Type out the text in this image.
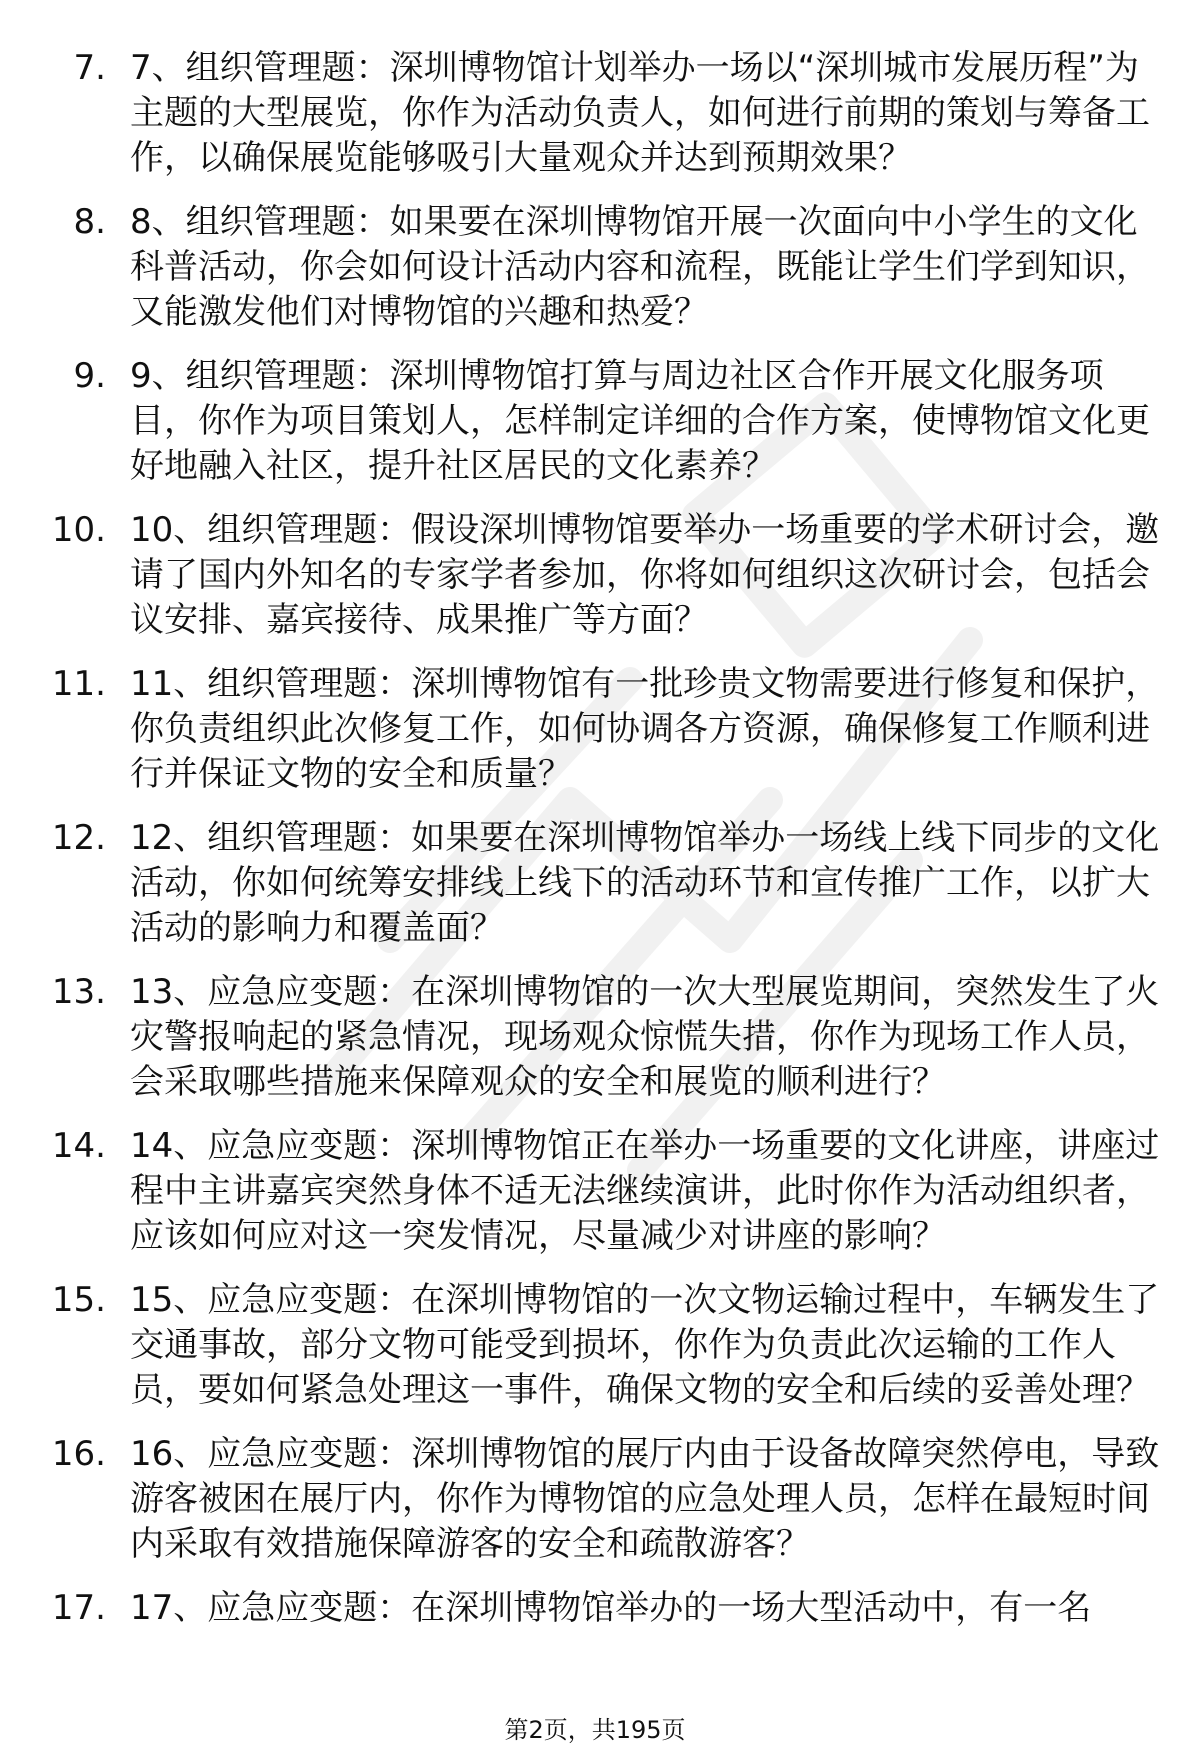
7. 7、组织管理题：深圳博物馆计划举办一场以“深圳城市发展历程”为主题的大型展览，你作为活动负责人，如何进行前期的策划与筹备工作，以确保展览能够吸引大量观众并达到预期效果？
8. 8、组织管理题：如果要在深圳博物馆开展一次面向中小学生的文化科普活动，你会如何设计活动内容和流程，既能让学生们学到知识，又能激发他们对博物馆的兴趣和热爱？
9. 9、组织管理题：深圳博物馆打算与周边社区合作开展文化服务项目，你作为项目策划人，怎样制定详细的合作方案，使博物馆文化更好地融入社区，提升社区居民的文化素养？
10. 10、组织管理题：假设深圳博物馆要举办一场重要的学术研讨会，邀请了国内外知名的专家学者参加，你将如何组织这次研讨会，包括会议安排、嘉宾接待、成果推广等方面？
11. 11、组织管理题：深圳博物馆有一批珍贵文物需要进行修复和保护，你负责组织此次修复工作，如何协调各方资源，确保修复工作顺利进行并保证文物的安全和质量？
12. 12、组织管理题：如果要在深圳博物馆举办一场线上线下同步的文化活动，你如何统筹安排线上线下的活动环节和宣传推广工作，以扩大活动的影响力和覆盖面？
13. 13、应急应变题：在深圳博物馆的一次大型展览期间，突然发生了火灾警报响起的紧急情况，现场观众惊慌失措，你作为现场工作人员，会采取哪些措施来保障观众的安全和展览的顺利进行？
14. 14、应急应变题：深圳博物馆正在举办一场重要的文化讲座，讲座过程中主讲嘉宾突然身体不适无法继续演讲，此时你作为活动组织者，应该如何应对这一突发情况，尽量减少对讲座的影响？
15. 15、应急应变题：在深圳博物馆的一次文物运输过程中，车辆发生了交通事故，部分文物可能受到损坏，你作为负责此次运输的工作人员，要如何紧急处理这一事件，确保文物的安全和后续的妥善处理？
16. 16、应急应变题：深圳博物馆的展厅内由于设备故障突然停电，导致游客被困在展厅内，你作为博物馆的应急处理人员，怎样在最短时间内采取有效措施保障游客的安全和疏散游客？
17. 17、应急应变题：在深圳博物馆举办的一场大型活动中，有一名
第2页，共195页
